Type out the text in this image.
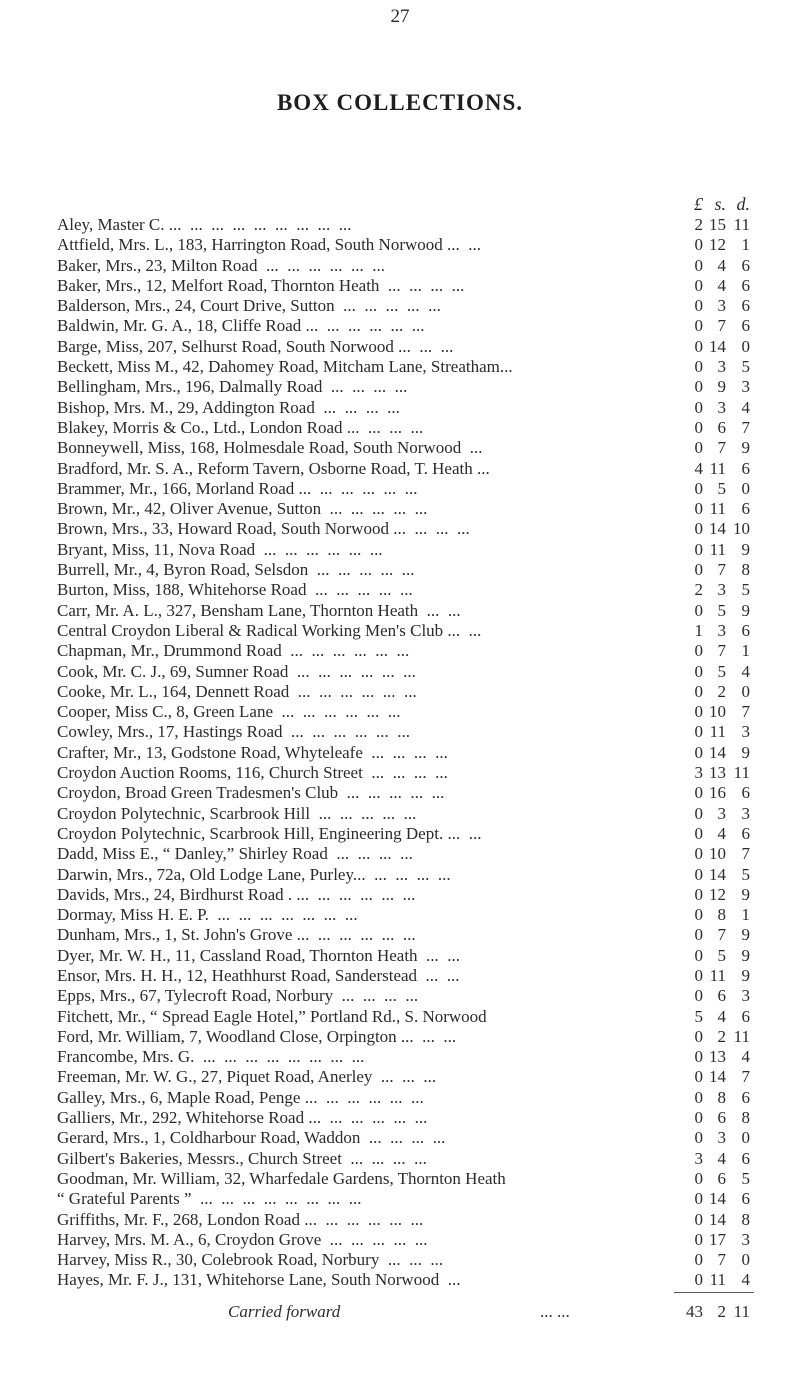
27
BOX COLLECTIONS.
£ s. d.
Aley, Master C. ...  ...  ...  ...  ...  ...  ...  ...  ...	2 15 11
Attfield, Mrs. L., 183, Harrington Road, South Norwood ...  ...	0 12 1
Baker, Mrs., 23, Milton Road  ...  ...  ...  ...  ...  ...	0 4 6
Baker, Mrs., 12, Melfort Road, Thornton Heath  ...  ...  ...  ...	0 4 6
Balderson, Mrs., 24, Court Drive, Sutton  ...  ...  ...  ...  ...	0 3 6
Baldwin, Mr. G. A., 18, Cliffe Road ...  ...  ...  ...  ...  ...	0 7 6
Barge, Miss, 207, Selhurst Road, South Norwood ...  ...  ...	0 14 0
Beckett, Miss M., 42, Dahomey Road, Mitcham Lane, Streatham...	0 3 5
Bellingham, Mrs., 196, Dalmally Road  ...  ...  ...  ...	0 9 3
Bishop, Mrs. M., 29, Addington Road  ...  ...  ...  ...	0 3 4
Blakey, Morris & Co., Ltd., London Road ...  ...  ...  ...	0 6 7
Bonneywell, Miss, 168, Holmesdale Road, South Norwood  ...	0 7 9
Bradford, Mr. S. A., Reform Tavern, Osborne Road, T. Heath ...	4 11 6
Brammer, Mr., 166, Morland Road ...  ...  ...  ...  ...  ...	0 5 0
Brown, Mr., 42, Oliver Avenue, Sutton  ...  ...  ...  ...  ...	0 11 6
Brown, Mrs., 33, Howard Road, South Norwood ...  ...  ...  ...	0 14 10
Bryant, Miss, 11, Nova Road  ...  ...  ...  ...  ...  ...	0 11 9
Burrell, Mr., 4, Byron Road, Selsdon  ...  ...  ...  ...  ...	0 7 8
Burton, Miss, 188, Whitehorse Road  ...  ...  ...  ...  ...	2 3 5
Carr, Mr. A. L., 327, Bensham Lane, Thornton Heath  ...  ...	0 5 9
Central Croydon Liberal & Radical Working Men's Club ...  ...	1 3 6
Chapman, Mr., Drummond Road  ...  ...  ...  ...  ...  ...	0 7 1
Cook, Mr. C. J., 69, Sumner Road  ...  ...  ...  ...  ...  ...	0 5 4
Cooke, Mr. L., 164, Dennett Road  ...  ...  ...  ...  ...  ...	0 2 0
Cooper, Miss C., 8, Green Lane  ...  ...  ...  ...  ...  ...	0 10 7
Cowley, Mrs., 17, Hastings Road  ...  ...  ...  ...  ...  ...	0 11 3
Crafter, Mr., 13, Godstone Road, Whyteleafe  ...  ...  ...  ...	0 14 9
Croydon Auction Rooms, 116, Church Street  ...  ...  ...  ...	3 13 11
Croydon, Broad Green Tradesmen's Club  ...  ...  ...  ...  ...	0 16 6
Croydon Polytechnic, Scarbrook Hill  ...  ...  ...  ...  ...	0 3 3
Croydon Polytechnic, Scarbrook Hill, Engineering Dept. ...  ...	0 4 6
Dadd, Miss E., “ Danley,” Shirley Road  ...  ...  ...  ...	0 10 7
Darwin, Mrs., 72a, Old Lodge Lane, Purley...  ...  ...  ...  ...	0 14 5
Davids, Mrs., 24, Birdhurst Road . ...  ...  ...  ...  ...  ...	0 12 9
Dormay, Miss H. E. P.  ...  ...  ...  ...  ...  ...  ...	0 8 1
Dunham, Mrs., 1, St. John's Grove ...  ...  ...  ...  ...  ...	0 7 9
Dyer, Mr. W. H., 11, Cassland Road, Thornton Heath  ...  ...	0 5 9
Ensor, Mrs. H. H., 12, Heathhurst Road, Sanderstead  ...  ...	0 11 9
Epps, Mrs., 67, Tylecroft Road, Norbury  ...  ...  ...  ...	0 6 3
Fitchett, Mr., “ Spread Eagle Hotel,” Portland Rd., S. Norwood	5 4 6
Ford, Mr. William, 7, Woodland Close, Orpington ...  ...  ...	0 2 11
Francombe, Mrs. G.  ...  ...  ...  ...  ...  ...  ...  ...	0 13 4
Freeman, Mr. W. G., 27, Piquet Road, Anerley  ...  ...  ...	0 14 7
Galley, Mrs., 6, Maple Road, Penge ...  ...  ...  ...  ...  ...	0 8 6
Galliers, Mr., 292, Whitehorse Road ...  ...  ...  ...  ...  ...	0 6 8
Gerard, Mrs., 1, Coldharbour Road, Waddon  ...  ...  ...  ...	0 3 0
Gilbert's Bakeries, Messrs., Church Street  ...  ...  ...  ...	3 4 6
Goodman, Mr. William, 32, Wharfedale Gardens, Thornton Heath	0 6 5
“ Grateful Parents ”  ...  ...  ...  ...  ...  ...  ...  ...	0 14 6
Griffiths, Mr. F., 268, London Road ...  ...  ...  ...  ...  ...	0 14 8
Harvey, Mrs. M. A., 6, Croydon Grove  ...  ...  ...  ...  ...	0 17 3
Harvey, Miss R., 30, Colebrook Road, Norbury  ...  ...  ...	0 7 0
Hayes, Mr. F. J., 131, Whitehorse Lane, South Norwood  ...	0 11 4
Carried forward	... ...	43 2 11
